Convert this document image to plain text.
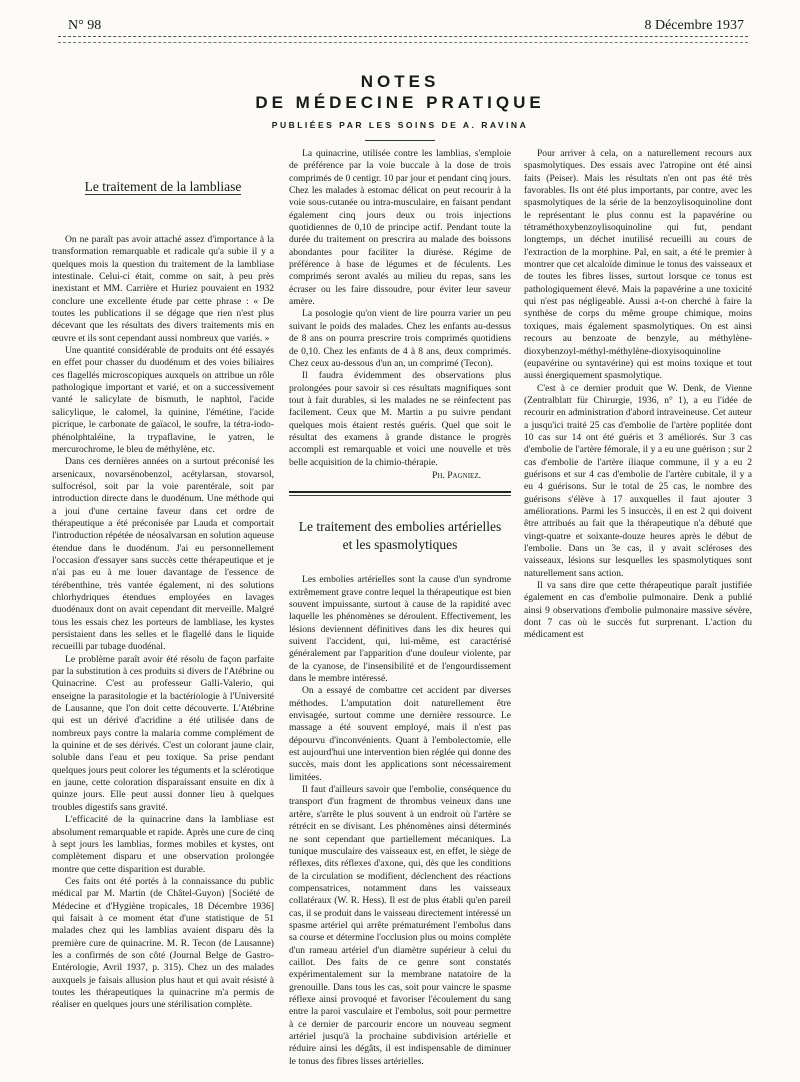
N° 98	8 Décembre 1937
NOTES
DE MÉDECINE PRATIQUE
PUBLIÉES PAR LES SOINS DE A. RAVINA
Le traitement de la lambliase

On ne paraît pas avoir attaché assez d'importance à la transformation remarquable et radicale qu'a subie il y a quelques mois la question du traitement de la lambliase intestinale. Celui-ci était, comme on sait, à peu près inexistant et MM. Carrière et Huriez pouvaient en 1932 conclure une excellente étude par cette phrase : « De toutes les publications il se dégage que rien n'est plus décevant que les résultats des divers traitements mis en œuvre et ils sont cependant aussi nombreux que variés. »

Une quantité considérable de produits ont été essayés en effet pour chasser du duodénum et des voies biliaires ces flagellés microscopiques auxquels on attribue un rôle pathologique important et varié, et on a successivement vanté le salicylate de bismuth, le naphtol, l'acide salicylique, le calomel, la quinine, l'émétine, l'acide picrique, le carbonate de gaïacol, le soufre, la tétra-iodo-phénolphtaléine, la trypaflavine, le yatren, le mercurochrome, le bleu de méthylène, etc.

Dans ces dernières années on a surtout préconisé les arsenicaux, novarsénobenzol, acétylarsan, stovarsol, sulfocrésol, soit par la voie parentérale, soit par introduction directe dans le duodénum. Une méthode qui a joui d'une certaine faveur dans cet ordre de thérapeutique a été préconisée par Lauda et comportait l'introduction répétée de néosalvarsan en solution aqueuse étendue dans le duodénum. J'ai eu personnellement l'occasion d'essayer sans succès cette thérapeutique et je n'ai pas eu à me louer davantage de l'essence de térébenthine, très vantée également, ni des solutions chlorhydriques étendues employées en lavages duodénaux dont on avait cependant dit merveille. Malgré tous les essais chez les porteurs de lambliase, les kystes persistaient dans les selles et le flagellé dans le liquide recueilli par tubage duodénal.

Le problème paraît avoir été résolu de façon parfaite par la substitution à ces produits si divers de l'Atébrine ou Quinacrine. C'est au professeur Galli-Valerio, qui enseigne la parasitologie et la bactériologie à l'Université de Lausanne, que l'on doit cette découverte. L'Atébrine qui est un dérivé d'acridine a été utilisée dans de nombreux pays contre la malaria comme complément de la quinine et de ses dérivés. C'est un colorant jaune clair, soluble dans l'eau et peu toxique. Sa prise pendant quelques jours peut colorer les téguments et la sclérotique en jaune, cette coloration disparaissant ensuite en dix à quinze jours. Elle peut aussi donner lieu à quelques troubles digestifs sans gravité.

L'efficacité de la quinacrine dans la lambliase est absolument remarquable et rapide. Après une cure de cinq à sept jours les lamblias, formes mobiles et kystes, ont complètement disparu et une observation prolongée montre que cette disparition est durable.

Ces faits ont été portés à la connaissance du public médical par M. Martin (de Châtel-Guyon) [Société de Médecine et d'Hygiène tropicales, 18 Décembre 1936] qui faisait à ce moment état d'une statistique de 51 malades chez qui les lamblias avaient disparu dès la première cure de quinacrine. M. R. Tecon (de Lausanne) les a confirmés de son côté (Journal Belge de Gastro-Entérologie, Avril 1937, p. 315). Chez un des malades auxquels je faisais allusion plus haut et qui avait résisté à toutes les thérapeutiques la quinacrine m'a permis de réaliser en quelques jours une stérilisation complète.

La quinacrine, utilisée contre les lamblias, s'emploie de préférence par la voie buccale à la dose de trois comprimés de 0 centigr. 10 par jour et pendant cinq jours. Chez les malades à estomac délicat on peut recourir à la voie sous-cutanée ou intra-musculaire, en faisant pendant également cinq jours deux ou trois injections quotidiennes de 0,10 de principe actif. Pendant toute la durée du traitement on prescrira au malade des boissons abondantes pour faciliter la diurèse. Régime de préférence à base de légumes et de féculents. Les comprimés seront avalés au milieu du repas, sans les écraser ou les faire dissoudre, pour éviter leur saveur amère.

La posologie qu'on vient de lire pourra varier un peu suivant le poids des malades. Chez les enfants au-dessus de 8 ans on pourra prescrire trois comprimés quotidiens de 0,10. Chez les enfants de 4 à 8 ans, deux comprimés. Chez ceux au-dessous d'un an, un comprimé (Tecon).

Il faudra évidemment des observations plus prolongées pour savoir si ces résultats magnifiques sont tout à fait durables, si les malades ne se réinfectent pas facilement. Ceux que M. Martin a pu suivre pendant quelques mois étaient restés guéris. Quel que soit le résultat des examens à grande distance le progrès accompli est remarquable et voici une nouvelle et très belle acquisition de la chimio-thérapie.

Ph. Pagniez.
Le traitement des embolies artérielles
et les spasmolytiques

Les embolies artérielles sont la cause d'un syndrome extrêmement grave contre lequel la thérapeutique est bien souvent impuissante, surtout à cause de la rapidité avec laquelle les phénomènes se déroulent. Effectivement, les lésions deviennent définitives dans les dix heures qui suivent l'accident, qui, lui-même, est caractérisé généralement par l'apparition d'une douleur violente, par de la cyanose, de l'insensibilité et de l'engourdissement dans le membre intéressé.

On a essayé de combattre cet accident par diverses méthodes. L'amputation doit naturellement être envisagée, surtout comme une dernière ressource. Le massage a été souvent employé, mais il n'est pas dépourvu d'inconvénients. Quant à l'embolectomie, elle est aujourd'hui une intervention bien réglée qui donne des succès, mais dont les applications sont nécessairement limitées.

Il faut d'ailleurs savoir que l'embolie, conséquence du transport d'un fragment de thrombus veineux dans une artère, s'arrête le plus souvent à un endroit où l'artère se rétrécit en se divisant. Les phénomènes ainsi déterminés ne sont cependant que partiellement mécaniques. La tunique musculaire des vaisseaux est, en effet, le siège de réflexes, dits réflexes d'axone, qui, dès que les conditions de la circulation se modifient, déclenchent des réactions compensatrices, notamment dans les vaisseaux collatéraux (W. R. Hess). Il est de plus établi qu'en pareil cas, il se produit dans le vaisseau directement intéressé un spasme artériel qui arrête prématurément l'embolus dans sa course et détermine l'occlusion plus ou moins complète d'un rameau artériel d'un diamètre supérieur à celui du caillot. Des faits de ce genre sont constatés expérimentalement sur la membrane natatoire de la grenouille. Dans tous les cas, soit pour vaincre le spasme réflexe ainsi provoqué et favoriser l'écoulement du sang entre la paroi vasculaire et l'embolus, soit pour permettre à ce dernier de parcourir encore un nouveau segment artériel jusqu'à la prochaine subdivision artérielle et réduire ainsi les dégâts, il est indispensable de diminuer le tonus des fibres lisses artérielles.

Pour arriver à cela, on a naturellement recours aux spasmolytiques. Des essais avec l'atropine ont été ainsi faits (Peiser). Mais les résultats n'en ont pas été très favorables. Ils ont été plus importants, par contre, avec les spasmolytiques de la série de la benzoylisoquinoline dont le représentant le plus connu est la papavérine ou tétraméthoxybenzoylisoquinoline qui fut, pendant longtemps, un déchet inutilisé recueilli au cours de l'extraction de la morphine. Pal, en sait, a été le premier à montrer que cet alcaloïde diminue le tonus des vaisseaux et de toutes les fibres lisses, surtout lorsque ce tonus est pathologiquement élevé. Mais la papavérine a une toxicité qui n'est pas négligeable. Aussi a-t-on cherché à faire la synthèse de corps du même groupe chimique, moins toxiques, mais également spasmolytiques. On est ainsi recours au benzoate de benzyle, au méthylène-dioxybenzoyl-méthyl-méthylène-dioxyisoquinoline (eupavérine ou syntavérine) qui est moins toxique et tout aussi énergiquement spasmolytique.

C'est à ce dernier produit que W. Denk, de Vienne (Zentralblatt für Chirurgie, 1936, n° 1), a eu l'idée de recourir en administration d'abord intraveineuse. Cet auteur a jusqu'ici traité 25 cas d'embolie de l'artère poplitée dont 10 cas sur 14 ont été guéris et 3 améliorés. Sur 3 cas d'embolie de l'artère fémorale, il y a eu une guérison ; sur 2 cas d'embolie de l'artère iliaque commune, il y a eu 2 guérisons et sur 4 cas d'embolie de l'artère cubitale, il y a eu 4 guérisons. Sur le total de 25 cas, le nombre des guérisons s'élève à 17 auxquelles il faut ajouter 3 améliorations. Parmi les 5 insuccès, il en est 2 qui doivent être attribués au fait que la thérapeutique n'a débuté que vingt-quatre et soixante-douze heures après le début de l'embolie. Dans un 3e cas, il y avait scléroses des vaisseaux, lésions sur lesquelles les spasmolytiques sont naturellement sans action.

Il va sans dire que cette thérapeutique paraît justifiée également en cas d'embolie pulmonaire. Denk a publié ainsi 9 observations d'embolie pulmonaire massive sévère, dont 7 cas où le succès fut surprenant. L'action du médicament est
